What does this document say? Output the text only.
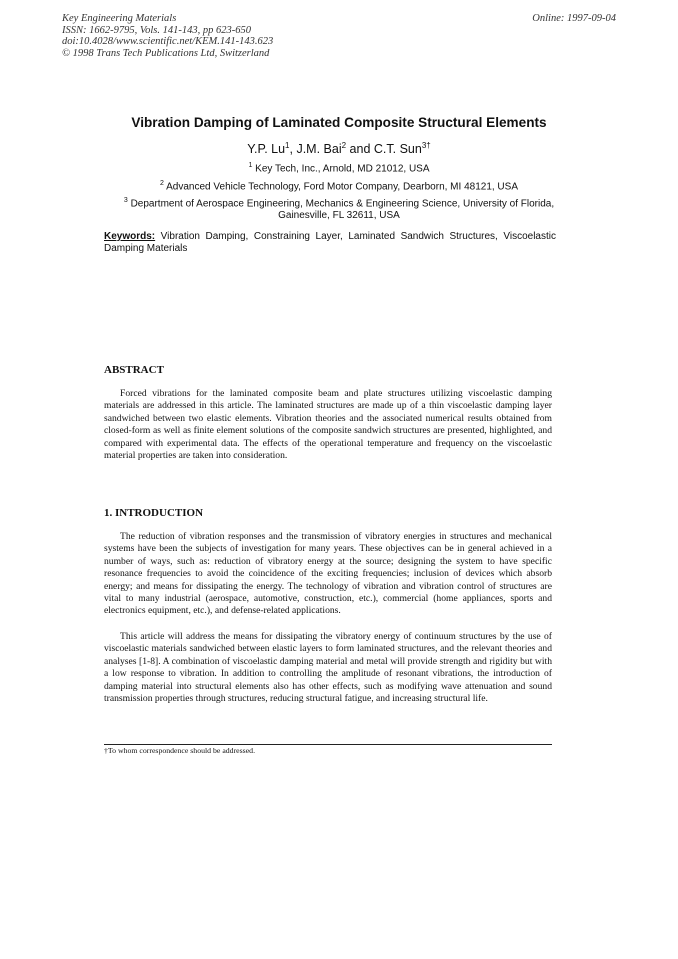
Key Engineering Materials
ISSN: 1662-9795, Vols. 141-143, pp 623-650
doi:10.4028/www.scientific.net/KEM.141-143.623
© 1998 Trans Tech Publications Ltd, Switzerland
Online: 1997-09-04
Vibration Damping of Laminated Composite Structural Elements
Y.P. Lu$^1$, J.M. Bai$^2$ and C.T. Sun$^{3\dagger}$
$^1$ Key Tech, Inc., Arnold, MD 21012, USA
$^2$ Advanced Vehicle Technology, Ford Motor Company, Dearborn, MI 48121, USA
$^3$ Department of Aerospace Engineering, Mechanics & Engineering Science, University of Florida, Gainesville, FL 32611, USA
Keywords: Vibration Damping, Constraining Layer, Laminated Sandwich Structures, Viscoelastic Damping Materials
ABSTRACT
Forced vibrations for the laminated composite beam and plate structures utilizing viscoelastic damping materials are addressed in this article. The laminated structures are made up of a thin viscoelastic damping layer sandwiched between two elastic elements. Vibration theories and the associated numerical results obtained from closed-form as well as finite element solutions of the composite sandwich structures are presented, highlighted, and compared with experimental data. The effects of the operational temperature and frequency on the viscoelastic material properties are taken into consideration.
1. INTRODUCTION
The reduction of vibration responses and the transmission of vibratory energies in structures and mechanical systems have been the subjects of investigation for many years. These objectives can be in general achieved in a number of ways, such as: reduction of vibratory energy at the source; designing the system to have specific resonance frequencies to avoid the coincidence of the exciting frequencies; inclusion of devices which absorb energy; and means for dissipating the energy. The technology of vibration and vibration control of structures are vital to many industrial (aerospace, automotive, construction, etc.), commercial (home appliances, sports and electronics equipment, etc.), and defense-related applications.
This article will address the means for dissipating the vibratory energy of continuum structures by the use of viscoelastic materials sandwiched between elastic layers to form laminated structures, and the relevant theories and analyses [1-8]. A combination of viscoelastic damping material and metal will provide strength and rigidity but with a low response to vibration. In addition to controlling the amplitude of resonant vibrations, the introduction of damping material into structural elements also has other effects, such as modifying wave attenuation and sound transmission properties through structures, reducing structural fatigue, and increasing structural life.
†To whom correspondence should be addressed.
